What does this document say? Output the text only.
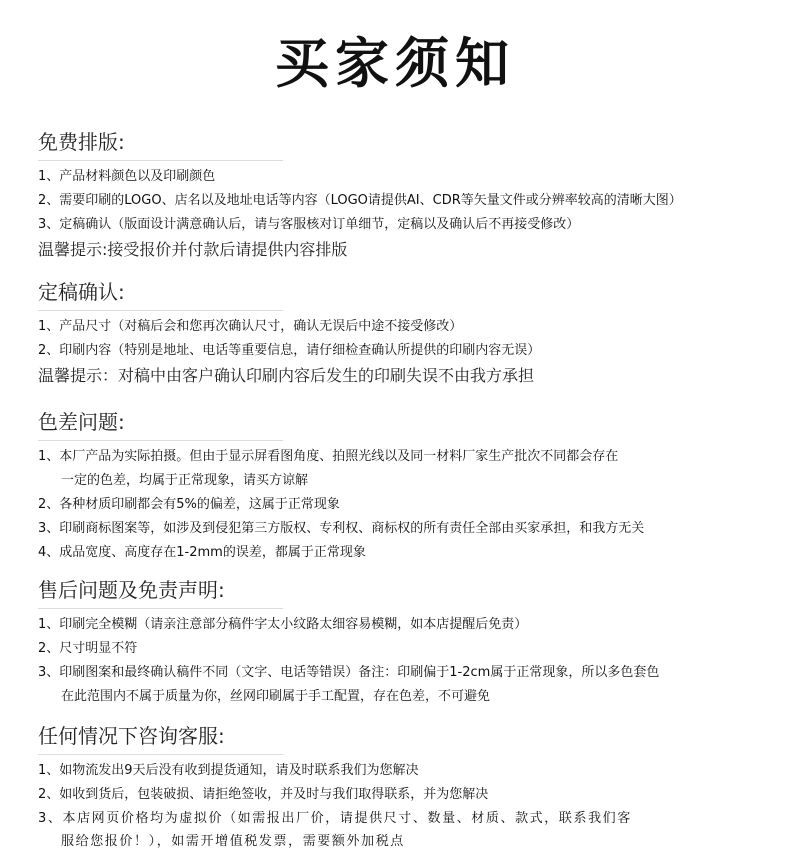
买家须知
免费排版:
1、产品材料颜色以及印刷颜色
2、需要印刷的LOGO、店名以及地址电话等内容（LOGO请提供AI、CDR等矢量文件或分辨率较高的清晰大图）
3、定稿确认（版面设计满意确认后，请与客服核对订单细节，定稿以及确认后不再接受修改）
温馨提示:接受报价并付款后请提供内容排版
定稿确认:
1、产品尺寸（对稿后会和您再次确认尺寸，确认无误后中途不接受修改）
2、印刷内容（特别是地址、电话等重要信息，请仔细检查确认所提供的印刷内容无误）
温馨提示：对稿中由客户确认印刷内容后发生的印刷失误不由我方承担
色差问题:
1、本厂产品为实际拍摄。但由于显示屏看图角度、拍照光线以及同一材料厂家生产批次不同都会存在
一定的色差，均属于正常现象，请买方谅解
2、各种材质印刷都会有5%的偏差，这属于正常现象
3、印刷商标图案等，如涉及到侵犯第三方版权、专利权、商标权的所有责任全部由买家承担，和我方无关
4、成品宽度、高度存在1-2mm的误差，都属于正常现象
售后问题及免责声明:
1、印刷完全模糊（请亲注意部分稿件字太小纹路太细容易模糊，如本店提醒后免责）
2、尺寸明显不符
3、印刷图案和最终确认稿件不同（文字、电话等错误）备注：印刷偏于1-2cm属于正常现象，所以多色套色
在此范围内不属于质量为你，丝网印刷属于手工配置，存在色差，不可避免
任何情况下咨询客服:
1、如物流发出9天后没有收到提货通知，请及时联系我们为您解决
2、如收到货后，包装破损、请拒绝签收，并及时与我们取得联系，并为您解决
3、本店网页价格均为虚拟价（如需报出厂价，请提供尺寸、数量、材质、款式，联系我们客
服给您报价！），如需开增值税发票，需要额外加税点
